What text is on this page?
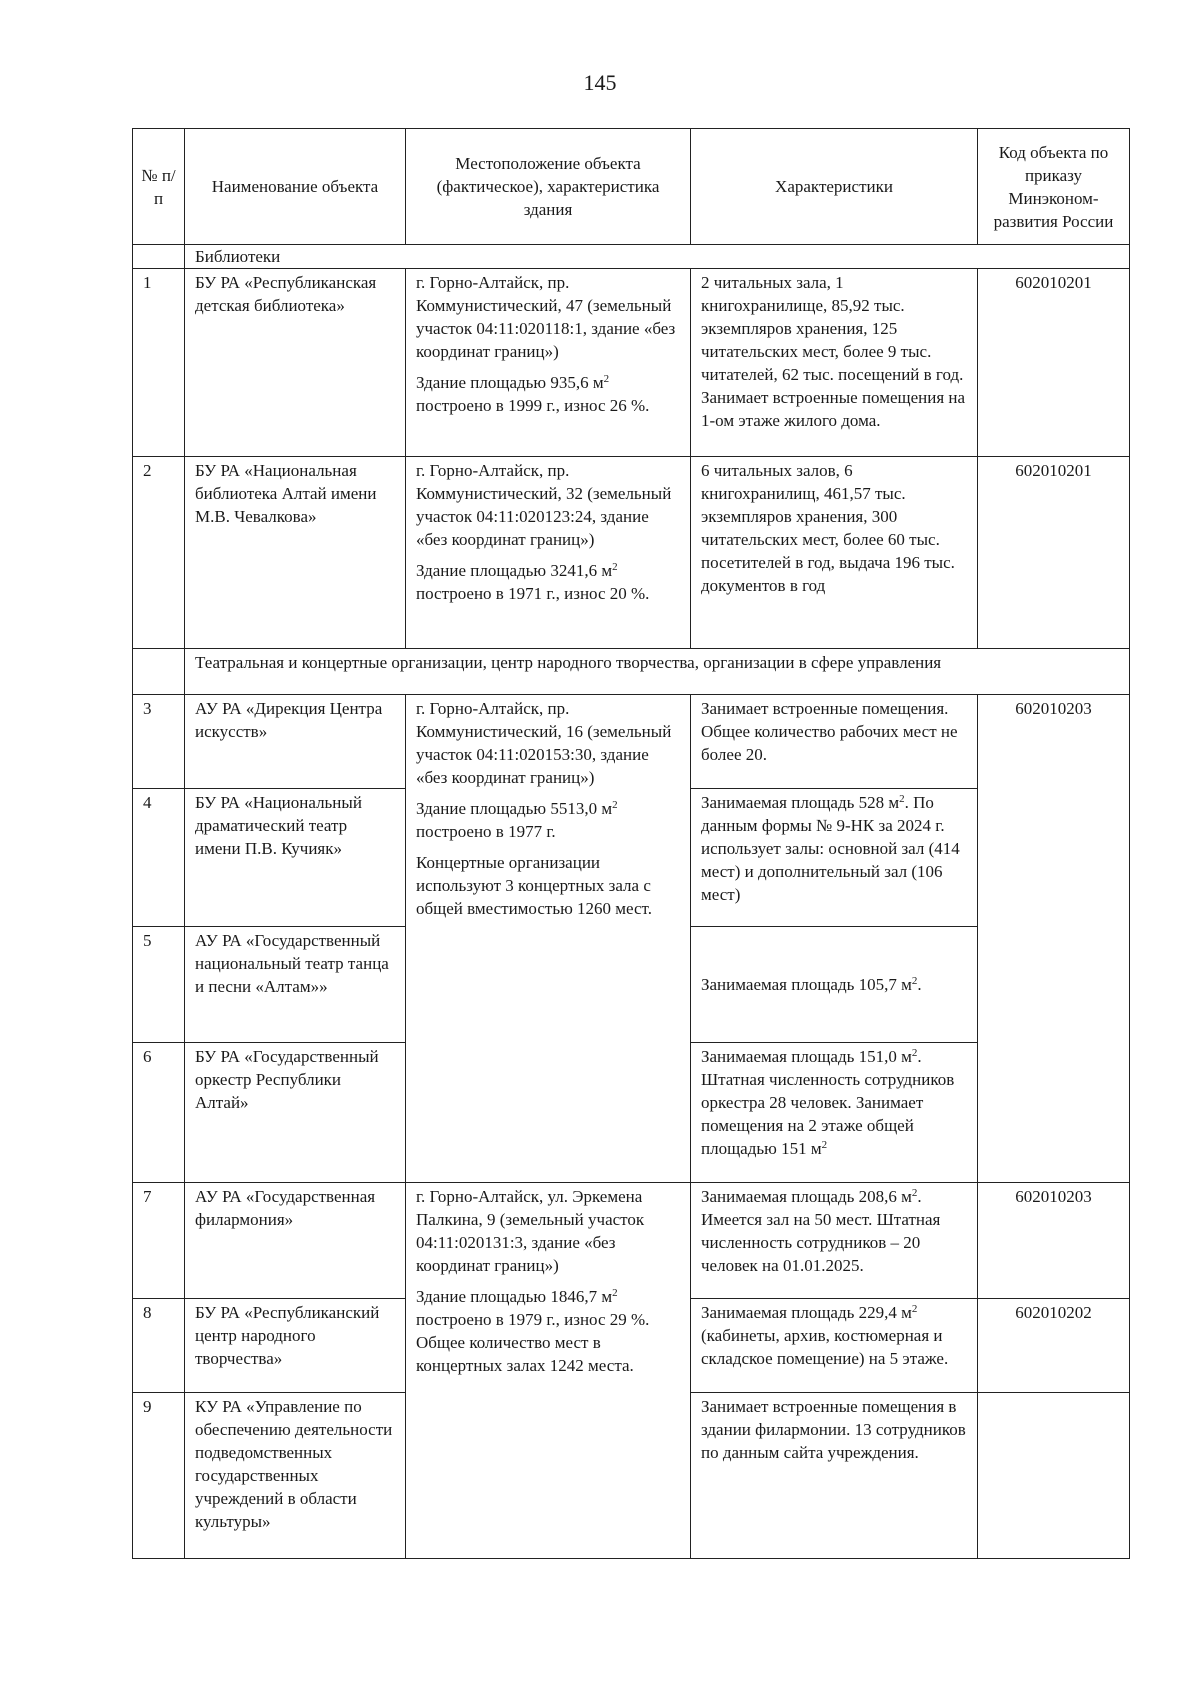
145
№ п/п	Наименование объекта	Местоположение объекта (фактическое), характеристика здания	Характеристики	Код объекта по приказу Минэконом-развития России
	Библиотеки			
1	БУ РА «Республиканская детская библиотека»	г. Горно-Алтайск, пр. Коммунистический, 47 (земельный участок 04:11:020118:1, здание «без координат границ»)
Здание площадью 935,6 $м^2$ построено в 1999 г., износ 26 %.	2 читальных зала, 1 книгохранилище, 85,92 тыс. экземпляров хранения, 125 читательских мест, более 9 тыс. читателей, 62 тыс. посещений в год. Занимает встроенные помещения на 1-ом этаже жилого дома.	602010201
2	БУ РА «Национальная библиотека Алтай имени М.В. Чевалкова»	г. Горно-Алтайск, пр. Коммунистический, 32 (земельный участок 04:11:020123:24, здание «без координат границ»)
Здание площадью 3241,6 $м^2$ построено в 1971 г., износ 20 %.	6 читальных залов, 6 книгохранилищ, 461,57 тыс. экземпляров хранения, 300 читательских мест, более 60 тыс. посетителей в год, выдача 196 тыс. документов в год	602010201
	Театральная и концертные организации, центр народного творчества, организации в сфере управления			
3	АУ РА «Дирекция Центра искусств»	г. Горно-Алтайск, пр. Коммунистический, 16 (земельный участок 04:11:020153:30, здание «без координат границ»)
Здание площадью 5513,0 $м^2$ построено в 1977 г.
Концертные организации используют 3 концертных зала с общей вместимостью 1260 мест.	Занимает встроенные помещения. Общее количество рабочих мест не более 20.	602010203
4	БУ РА «Национальный драматический театр имени П.В. Кучияк»		Занимаемая площадь 528 $м^2$. По данным формы № 9-НК за 2024 г. использует залы: основной зал (414 мест) и дополнительный зал (106 мест)	
5	АУ РА «Государственный национальный театр танца и песни «Алтам»»		Занимаемая площадь 105,7 $м^2$.	
6	БУ РА «Государственный оркестр Республики Алтай»		Занимаемая площадь 151,0 $м^2$. Штатная численность сотрудников оркестра 28 человек. Занимает помещения на 2 этаже общей площадью 151 $м^2$
7	АУ РА «Государственная филармония»	г. Горно-Алтайск, ул. Эркемена Палкина, 9 (земельный участок 04:11:020131:3, здание «без координат границ»)
Здание площадью 1846,7 $м^2$ построено в 1979 г., износ 29 %. Общее количество мест в концертных залах 1242 места.	Занимаемая площадь 208,6 $м^2$. Имеется зал на 50 мест. Штатная численность сотрудников – 20 человек на 01.01.2025.	602010203
8	БУ РА «Республиканский центр народного творчества»		Занимаемая площадь 229,4 $м^2$ (кабинеты, архив, костюмерная и складское помещение) на 5 этаже.	602010202
9	КУ РА «Управление по обеспечению деятельности подведомственных государственных учреждений в области культуры»		Занимает встроенные помещения в здании филармонии. 13 сотрудников по данным сайта учреждения.	
